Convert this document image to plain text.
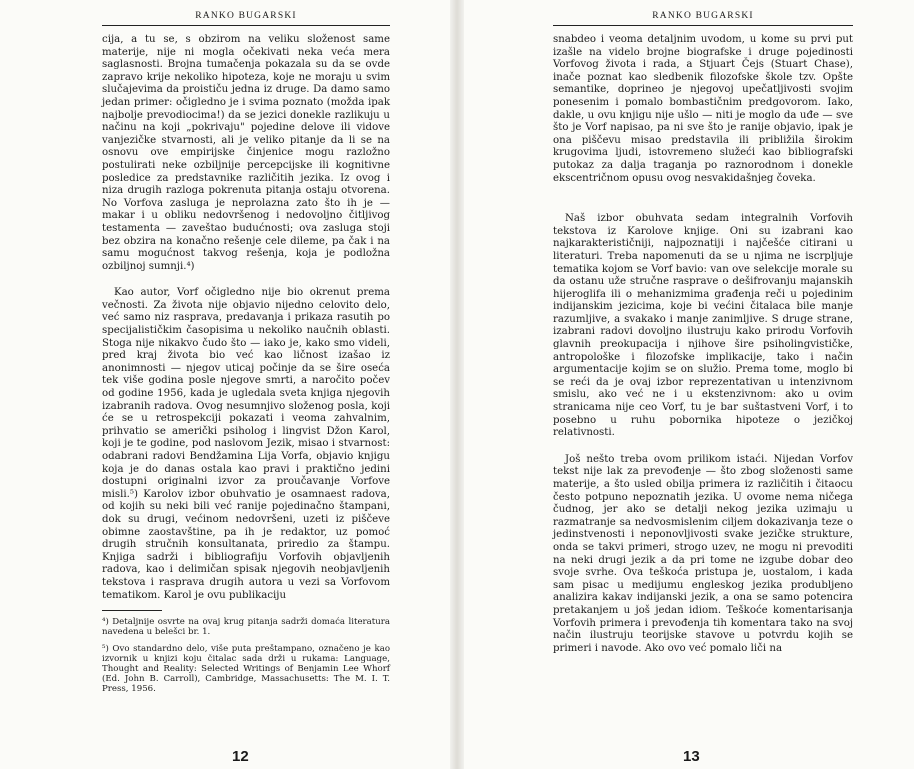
RANKO BUGARSKI

cija, a tu se, s obzirom na veliku složenost same materije, nije ni mogla očekivati neka veća mera saglasnosti. Brojna tumačenja pokazala su da se ovde zapravo krije nekoliko hipoteza, koje ne moraju u svim slučajevima da proističu jedna iz druge. Da damo samo jedan primer: očigledno je i svima poznato (možda ipak najbolje prevodiocima!) da se jezici donekle razlikuju u načinu na koji „pokrivaju" pojedine delove ili vidove vanjezičke stvarnosti, ali je veliko pitanje da li se na osnovu ove empirijske činjenice mogu razložno postulirati neke ozbiljnije percepcijske ili kognitivne posledice za predstavnike različitih jezika. Iz ovog i niza drugih razloga pokrenuta pitanja ostaju otvorena. No Vorfova zasluga je neprolazna zato što ih je — makar i u obliku nedovršenog i nedovoljno čitljivog testamenta — zaveštao budućnosti; ova zasluga stoji bez obzira na konačno rešenje cele dileme, pa čak i na samu mogućnost takvog rešenja, koja je podložna ozbiljnoj sumnji.⁴)

Kao autor, Vorf očigledno nije bio okrenut prema večnosti. Za života nije objavio nijedno celovito delo, već samo niz rasprava, predavanja i prikaza rasutih po specijalističkim časopisima u nekoliko naučnih oblasti. Stoga nije nikakvo čudo što — iako je, kako smo videli, pred kraj života bio već kao ličnost izašao iz anonimnosti — njegov uticaj počinje da se šire oseća tek više godina posle njegove smrti, a naročito počev od godine 1956, kada je ugledala sveta knjiga njegovih izabranih radova. Ovog nesumnjivo složenog posla, koji će se u retrospekciji pokazati i veoma zahvalnim, prihvatio se američki psiholog i lingvist Džon Karol, koji je te godine, pod naslovom Jezik, misao i stvarnost: odabrani radovi Bendžamina Lija Vorfa, objavio knjigu koja je do danas ostala kao pravi i praktično jedini dostupni originalni izvor za proučavanje Vorfove misli.⁵) Karolov izbor obuhvatio je osamnaest radova, od kojih su neki bili već ranije pojedinačno štampani, dok su drugi, većinom nedovršeni, uzeti iz piščeve obimne zaostavštine, pa ih je redaktor, uz pomoć drugih stručnih konsultanata, priredio za štampu. Knjiga sadrži i bibliografiju Vorfovih objavljenih radova, kao i delimičan spisak njegovih neobjavljenih tekstova i rasprava drugih autora u vezi sa Vorfovom tematikom. Karol je ovu publikaciju

⁴) Detaljnije osvrte na ovaj krug pitanja sadrži domaća literatura navedena u belešci br. 1.

⁵) Ovo standardno delo, više puta preštampano, označeno je kao izvornik u knjizi koju čitalac sada drži u rukama: Language, Thought and Reality: Selected Writings of Benjamin Lee Whorf (Ed. John B. Carroll), Cambridge, Massachusetts: The M. I. T. Press, 1956.

12
RANKO BUGARSKI

snabdeo i veoma detaljnim uvodom, u kome su prvi put izašle na videlo brojne biografske i druge pojedinosti Vorfovog života i rada, a Stjuart Čejs (Stuart Chase), inače poznat kao sledbenik filozofske škole tzv. Opšte semantike, doprineo je njegovoj upečatljivosti svojim ponesenim i pomalo bombastičnim predgovorom. Iako, dakle, u ovu knjigu nije ušlo — niti je moglo da uđe — sve što je Vorf napisao, pa ni sve što je ranije objavio, ipak je ona piščevu misao predstavila ili približila širokim krugovima ljudi, istovremeno služeći kao bibliografski putokaz za dalja traganja po raznorodnom i donekle ekscentričnom opusu ovog nesvakidašnjeg čoveka.

Naš izbor obuhvata sedam integralnih Vorfovih tekstova iz Karolove knjige. Oni su izabrani kao najkarakterističniji, najpoznatiji i najčešće citirani u literaturi. Treba napomenuti da se u njima ne iscrpljuje tematika kojom se Vorf bavio: van ove selekcije morale su da ostanu uže stručne rasprave o dešifrovanju majanskih hijeroglifa ili o mehanizmima građenja reči u pojedinim indijanskim jezicima, koje bi većini čitalaca bile manje razumljive, a svakako i manje zanimljive. S druge strane, izabrani radovi dovoljno ilustruju kako prirodu Vorfovih glavnih preokupacija i njihove šire psiholingvističke, antropološke i filozofske implikacije, tako i način argumentacije kojim se on služio. Prema tome, moglo bi se reći da je ovaj izbor reprezentativan u intenzivnom smislu, ako već ne i u ekstenzivnom: ako u ovim stranicama nije ceo Vorf, tu je bar suštastveni Vorf, i to posebno u ruhu pobornika hipoteze o jezičkoj relativnosti.

Još nešto treba ovom prilikom istaći. Nijedan Vorfov tekst nije lak za prevođenje — što zbog složenosti same materije, a što usled obilja primera iz različitih i čitaocu često potpuno nepoznatih jezika. U ovome nema ničega čudnog, jer ako se detalji nekog jezika uzimaju u razmatranje sa nedvosmislenim ciljem dokazivanja teze o jedinstvenosti i neponovljivosti svake jezičke strukture, onda se takvi primeri, strogo uzev, ne mogu ni prevoditi na neki drugi jezik a da pri tome ne izgube dobar deo svoje svrhe. Ova teškoća pristupa je, uostalom, i kada sam pisac u medijumu engleskog jezika produbljeno analizira kakav indijanski jezik, a ona se samo potencira pretakanjem u još jedan idiom. Teškoće komentarisanja Vorfovih primera i prevođenja tih komentara tako na svoj način ilustruju teorijske stavove u potvrdu kojih se primeri i navode. Ako ovo već pomalo liči na

13
